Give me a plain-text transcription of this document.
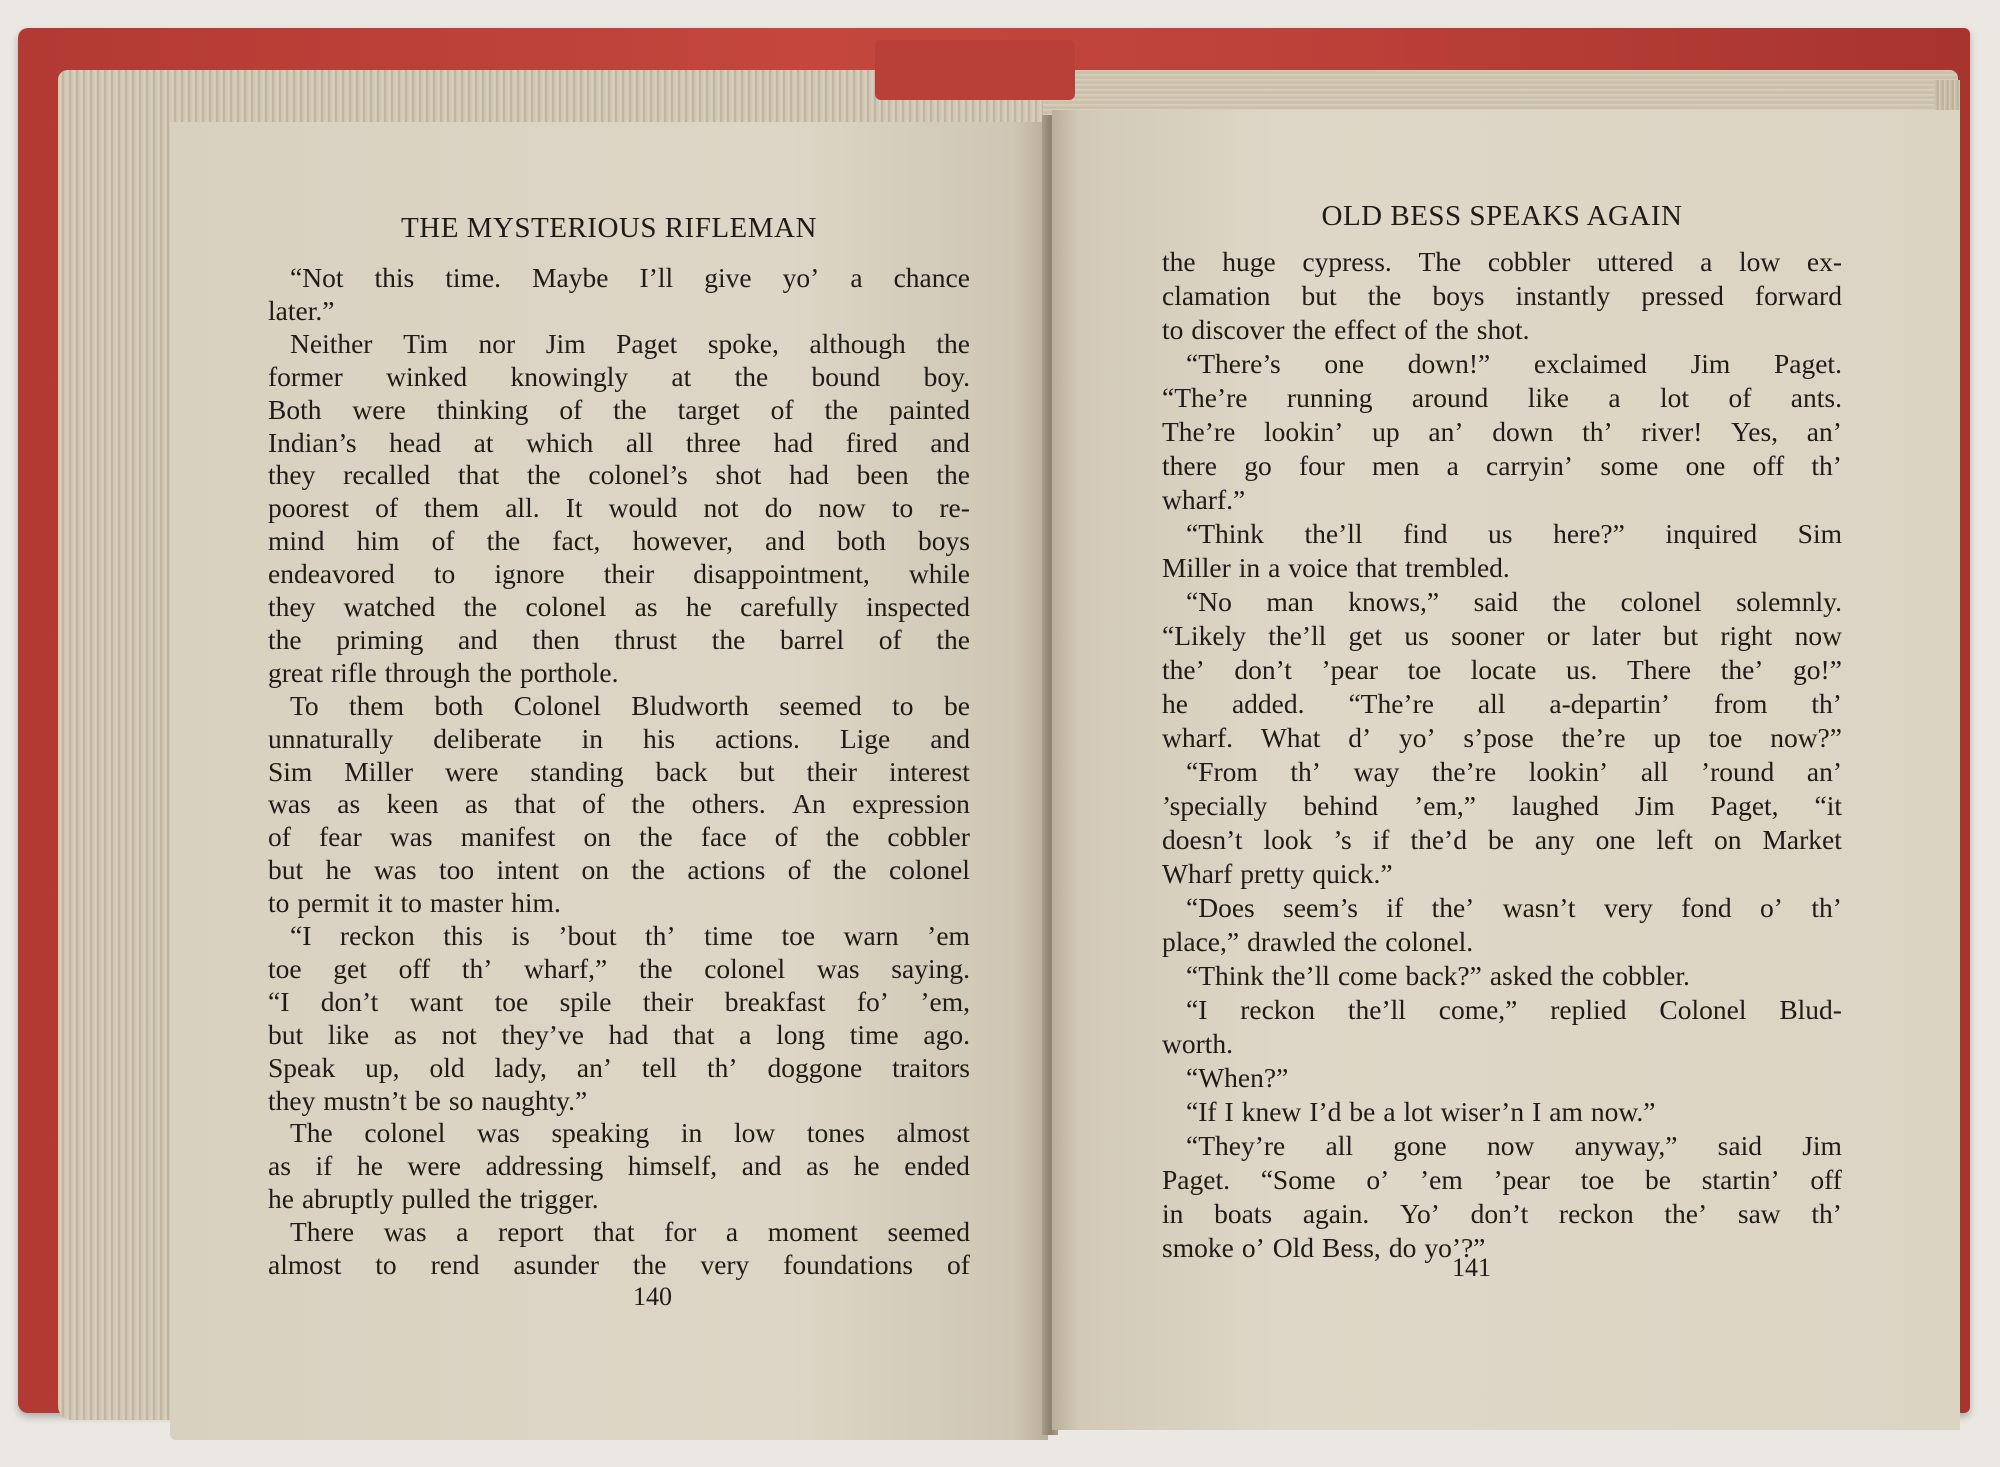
THE MYSTERIOUS RIFLEMAN
“Not this time. Maybe I’ll give yo’ a chance
later.”
Neither Tim nor Jim Paget spoke, although the
former winked knowingly at the bound boy.
Both were thinking of the target of the painted
Indian’s head at which all three had fired and
they recalled that the colonel’s shot had been the
poorest of them all. It would not do now to re-
mind him of the fact, however, and both boys
endeavored to ignore their disappointment, while
they watched the colonel as he carefully inspected
the priming and then thrust the barrel of the
great rifle through the porthole.
To them both Colonel Bludworth seemed to be
unnaturally deliberate in his actions. Lige and
Sim Miller were standing back but their interest
was as keen as that of the others. An expression
of fear was manifest on the face of the cobbler
but he was too intent on the actions of the colonel
to permit it to master him.
“I reckon this is ’bout th’ time toe warn ’em
toe get off th’ wharf,” the colonel was saying.
“I don’t want toe spile their breakfast fo’ ’em,
but like as not they’ve had that a long time ago.
Speak up, old lady, an’ tell th’ doggone traitors
they mustn’t be so naughty.”
The colonel was speaking in low tones almost
as if he were addressing himself, and as he ended
he abruptly pulled the trigger.
There was a report that for a moment seemed
almost to rend asunder the very foundations of
140
OLD BESS SPEAKS AGAIN
the huge cypress. The cobbler uttered a low ex-
clamation but the boys instantly pressed forward
to discover the effect of the shot.
“There’s one down!” exclaimed Jim Paget.
“The’re running around like a lot of ants.
The’re lookin’ up an’ down th’ river! Yes, an’
there go four men a carryin’ some one off th’
wharf.”
“Think the’ll find us here?” inquired Sim
Miller in a voice that trembled.
“No man knows,” said the colonel solemnly.
“Likely the’ll get us sooner or later but right now
the’ don’t ’pear toe locate us. There the’ go!”
he added. “The’re all a-departin’ from th’
wharf. What d’ yo’ s’pose the’re up toe now?”
“From th’ way the’re lookin’ all ’round an’
’specially behind ’em,” laughed Jim Paget, “it
doesn’t look ’s if the’d be any one left on Market
Wharf pretty quick.”
“Does seem’s if the’ wasn’t very fond o’ th’
place,” drawled the colonel.
“Think the’ll come back?” asked the cobbler.
“I reckon the’ll come,” replied Colonel Blud-
worth.
“When?”
“If I knew I’d be a lot wiser’n I am now.”
“They’re all gone now anyway,” said Jim
Paget. “Some o’ ’em ’pear toe be startin’ off
in boats again. Yo’ don’t reckon the’ saw th’
smoke o’ Old Bess, do yo’?”
141
